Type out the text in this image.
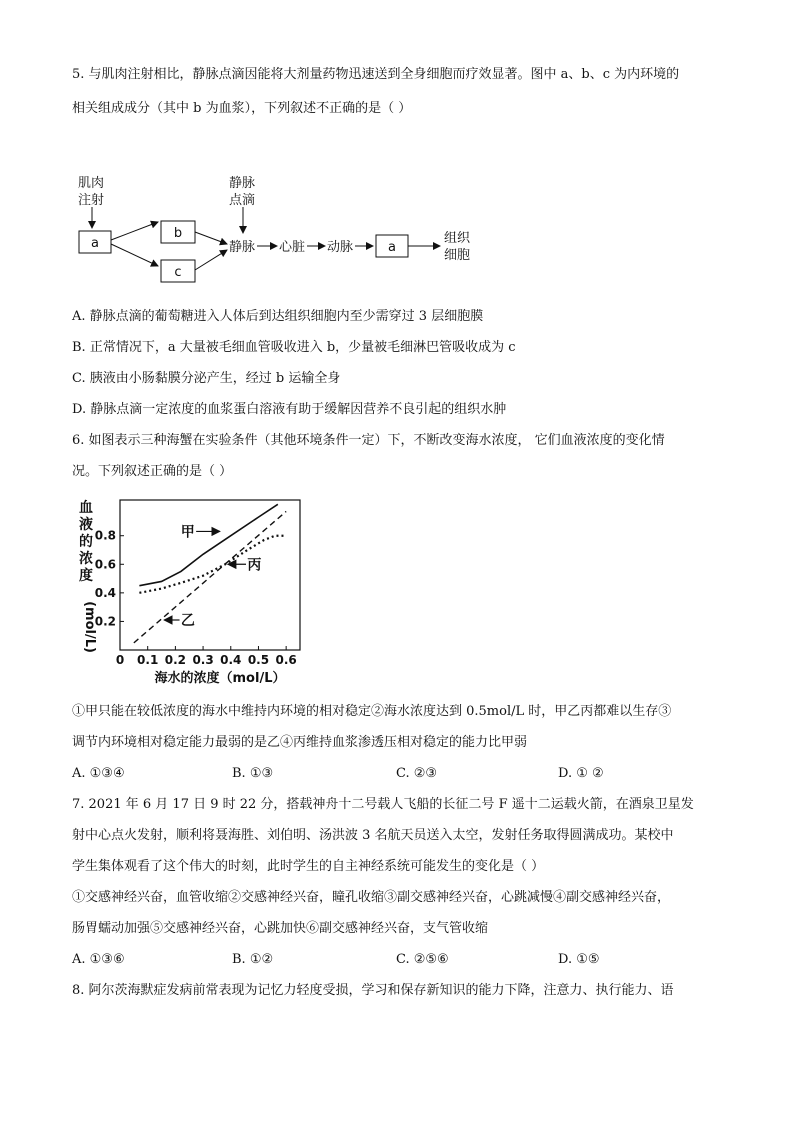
5. 与肌肉注射相比，静脉点滴因能将大剂量药物迅速送到全身细胞而疗效显著。图中 a、b、c 为内环境的
相关组成成分（其中 b 为血浆），下列叙述不正确的是（ ）
肌肉
注射
a
b
c
静脉
点滴
静脉 心脏 动脉	a
组织
细胞
A. 静脉点滴的葡萄糖进入人体后到达组织细胞内至少需穿过 3 层细胞膜
B. 正常情况下，a 大量被毛细血管吸收进入 b，少量被毛细淋巴管吸收成为 c
C. 胰液由小肠黏膜分泌产生，经过 b 运输全身
D. 静脉点滴一定浓度的血浆蛋白溶液有助于缓解因营养不良引起的组织水肿
6. 如图表示三种海蟹在实验条件（其他环境条件一定）下，不断改变海水浓度， 它们血液浓度的变化情
况。下列叙述正确的是（ ）
0 0.1 0.2 0.3 0.4 0.5 0.6
0.2
0.4
0.6
0.8
海水的浓度（mol/L）
血
液
的
浓
度
(mol/L)
甲
丙
乙
①甲只能在较低浓度的海水中维持内环境的相对稳定②海水浓度达到 0.5mol/L 时，甲乙丙都难以生存③
调节内环境相对稳定能力最弱的是乙④丙维持血浆渗透压相对稳定的能力比甲弱
A. ①③④	B. ①③	C. ②③	D. ① ②
7. 2021 年 6 月 17 日 9 时 22 分，搭载神舟十二号载人飞船的长征二号 F 遥十二运载火箭，在酒泉卫星发
射中心点火发射，顺利将聂海胜、刘伯明、汤洪波 3 名航天员送入太空，发射任务取得圆满成功。某校中
学生集体观看了这个伟大的时刻，此时学生的自主神经系统可能发生的变化是（ ）
①交感神经兴奋，血管收缩②交感神经兴奋，瞳孔收缩③副交感神经兴奋，心跳减慢④副交感神经兴奋，
肠胃蠕动加强⑤交感神经兴奋，心跳加快⑥副交感神经兴奋，支气管收缩
A. ①③⑥	B. ①②	C. ②⑤⑥	D. ①⑤
8. 阿尔茨海默症发病前常表现为记忆力轻度受损，学习和保存新知识的能力下降，注意力、执行能力、语
